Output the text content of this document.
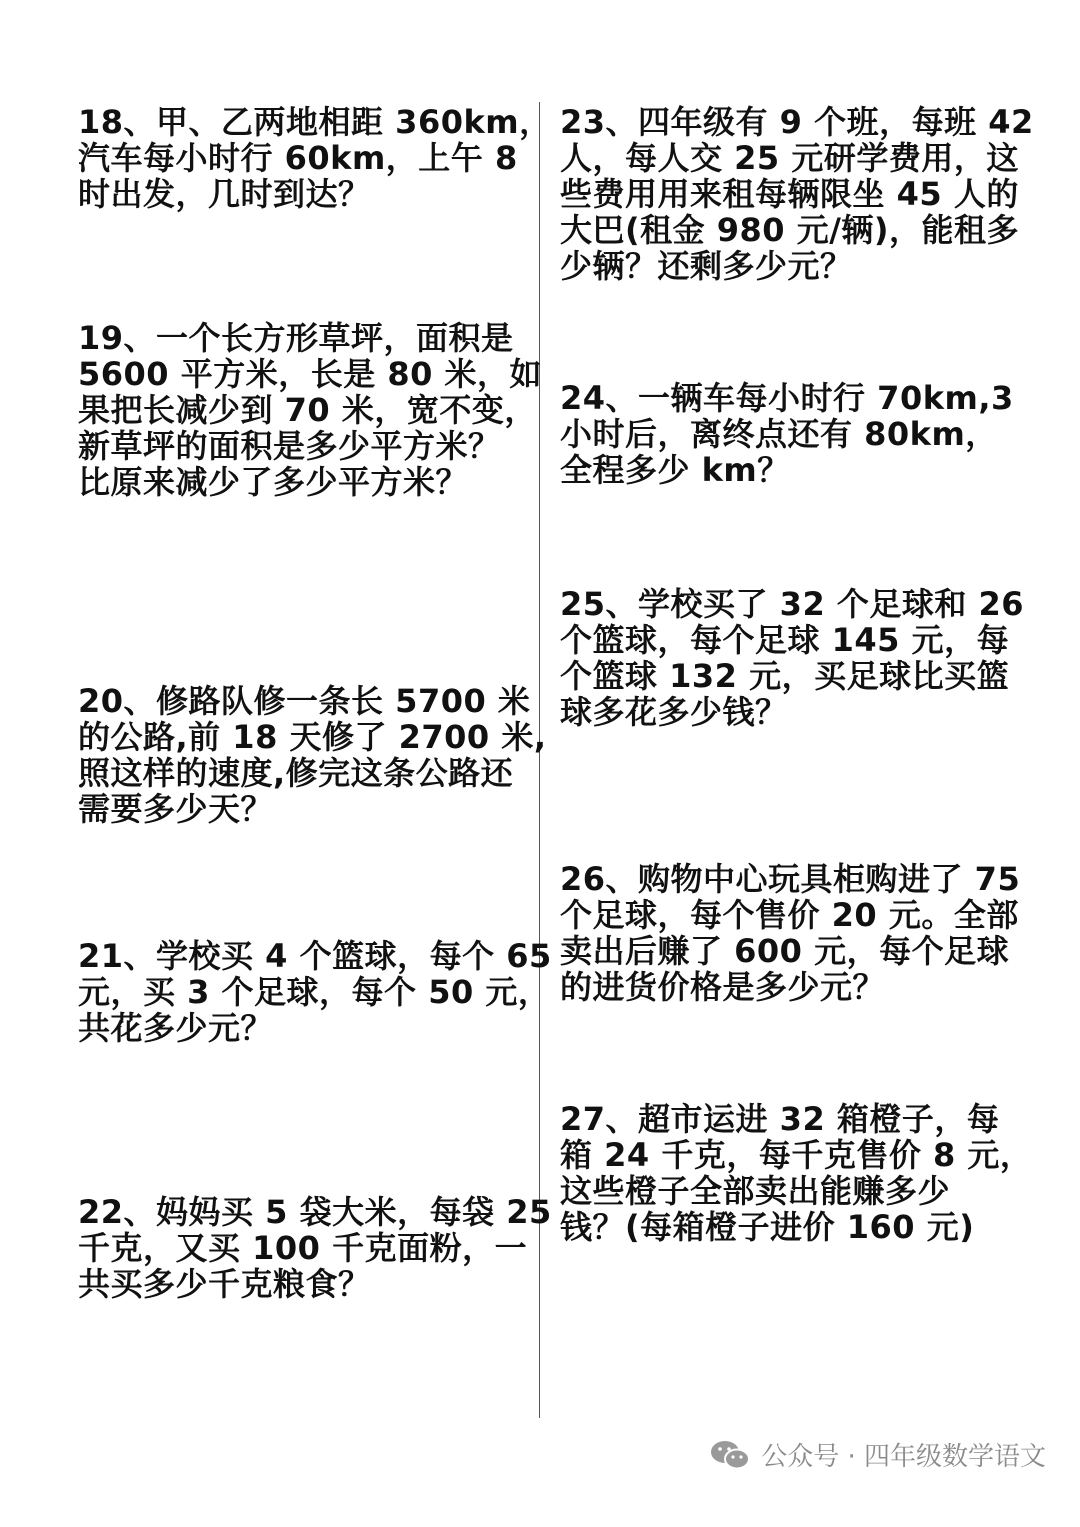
18、甲、乙两地相距 360km，
汽车每小时行 60km，上午 8
时出发，几时到达？
19、一个长方形草坪，面积是
5600 平方米，长是 80 米，如
果把长减少到 70 米，宽不变，
新草坪的面积是多少平方米？
比原来减少了多少平方米？
20、修路队修一条长 5700 米
的公路,前 18 天修了 2700 米,
照这样的速度,修完这条公路还
需要多少天？
21、学校买 4 个篮球，每个 65
元，买 3 个足球，每个 50 元，
共花多少元？
22、妈妈买 5 袋大米，每袋 25
千克，又买 100 千克面粉，一
共买多少千克粮食？
23、四年级有 9 个班，每班 42
人，每人交 25 元研学费用，这
些费用用来租每辆限坐 45 人的
大巴(租金 980 元/辆)，能租多
少辆？还剩多少元？
24、一辆车每小时行 70km,3
小时后，离终点还有 80km，
全程多少 km？
25、学校买了 32 个足球和 26
个篮球，每个足球 145 元，每
个篮球 132 元，买足球比买篮
球多花多少钱？
26、购物中心玩具柜购进了 75
个足球，每个售价 20 元。全部
卖出后赚了 600 元，每个足球
的进货价格是多少元？
27、超市运进 32 箱橙子，每
箱 24 千克，每千克售价 8 元，
这些橙子全部卖出能赚多少
钱？(每箱橙子进价 160 元)
公众号 · 四年级数学语文
